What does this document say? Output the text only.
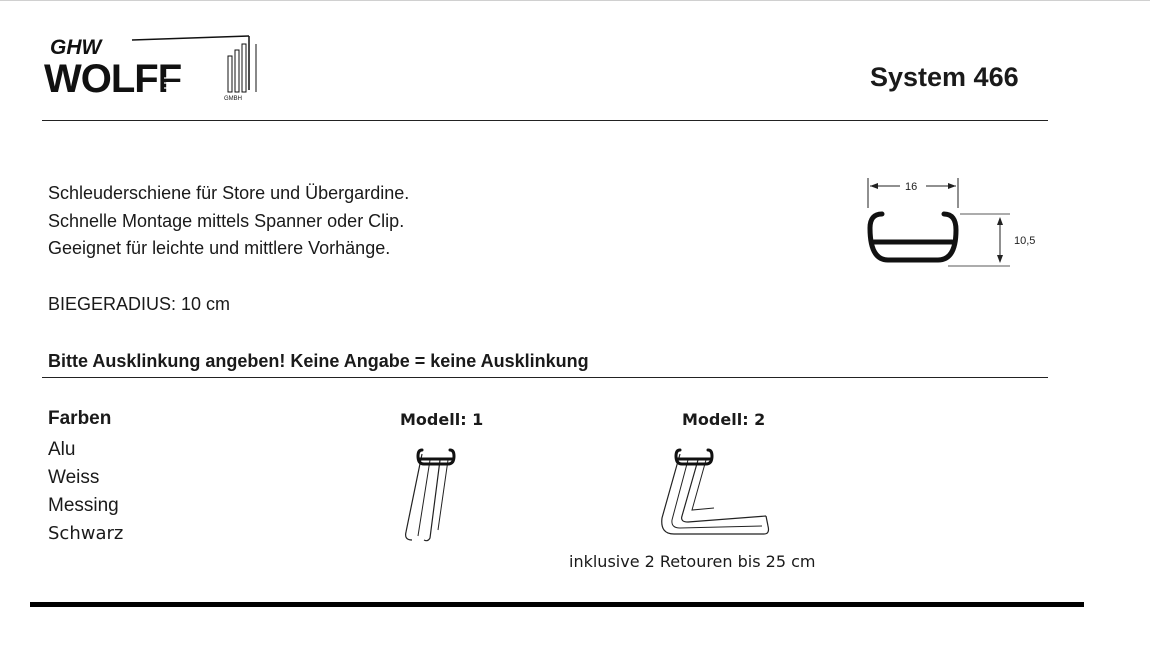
GHW
WOLFF	GMBH
System 466
Schleuderschiene für Store und Übergardine.
Schnelle Montage mittels Spanner oder Clip.
Geeignet für leichte und mittlere Vorhänge.
16
10,5
BIEGERADIUS: 10 cm
Bitte Ausklinkung angeben! Keine Angabe = keine Ausklinkung
Farben
Alu
Weiss
Messing
Schwarz
Modell: 1	Modell: 2
inklusive 2 Retouren bis 25 cm
